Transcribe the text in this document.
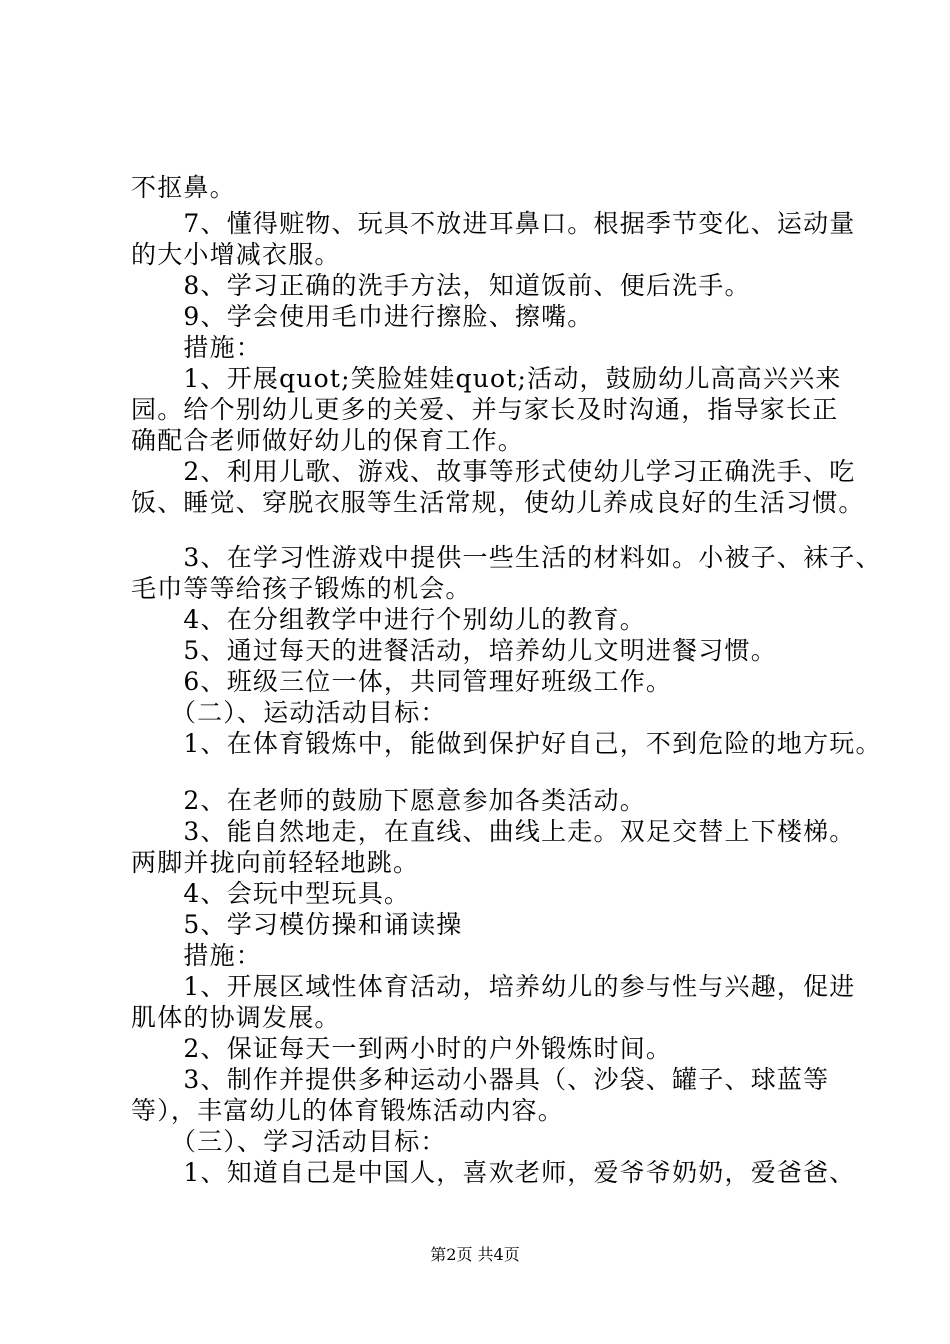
不抠鼻。
　　7、懂得赃物、玩具不放进耳鼻口。根据季节变化、运动量
的大小增减衣服。
　　8、学习正确的洗手方法，知道饭前、便后洗手。
　　9、学会使用毛巾进行擦脸、擦嘴。
　　措施：
　　1、开展quot;笑脸娃娃quot;活动，鼓励幼儿高高兴兴来
园。给个别幼儿更多的关爱、并与家长及时沟通，指导家长正
确配合老师做好幼儿的保育工作。
　　2、利用儿歌、游戏、故事等形式使幼儿学习正确洗手、吃
饭、睡觉、穿脱衣服等生活常规，使幼儿养成良好的生活习惯。
　　3、在学习性游戏中提供一些生活的材料如。小被子、袜子、
毛巾等等给孩子锻炼的机会。
　　4、在分组教学中进行个别幼儿的教育。
　　5、通过每天的进餐活动，培养幼儿文明进餐习惯。
　　6、班级三位一体，共同管理好班级工作。
　　（二）、运动活动目标：
　　1、在体育锻炼中，能做到保护好自己，不到危险的地方玩。
　　2、在老师的鼓励下愿意参加各类活动。
　　3、能自然地走，在直线、曲线上走。双足交替上下楼梯。
两脚并拢向前轻轻地跳。
　　4、会玩中型玩具。
　　5、学习模仿操和诵读操
　　措施：
　　1、开展区域性体育活动，培养幼儿的参与性与兴趣，促进
肌体的协调发展。
　　2、保证每天一到两小时的户外锻炼时间。
　　3、制作并提供多种运动小器具（、沙袋、罐子、球蓝等
等），丰富幼儿的体育锻炼活动内容。
　　（三）、学习活动目标：
　　1、知道自己是中国人，喜欢老师，爱爷爷奶奶，爱爸爸、
第2页 共4页
